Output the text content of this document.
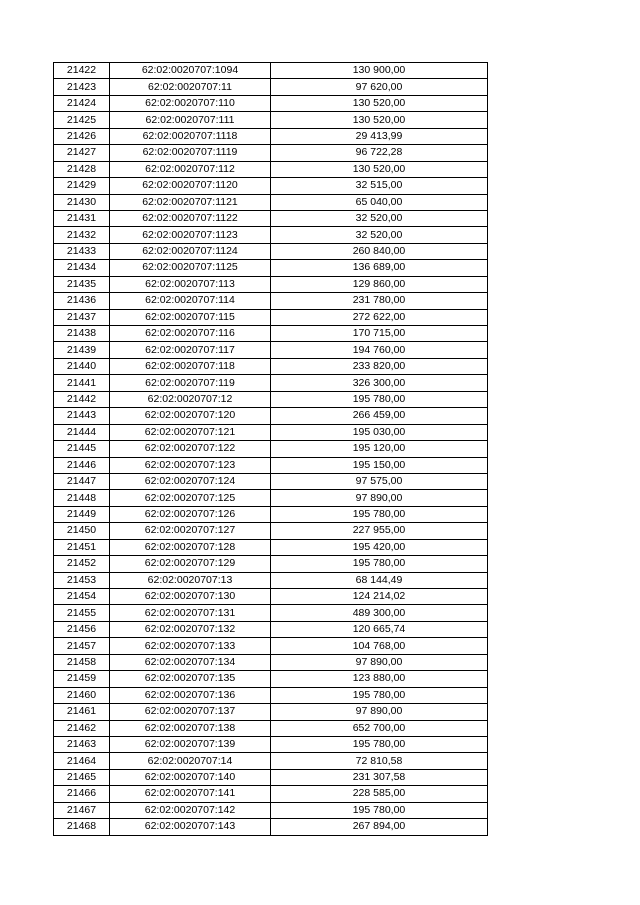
21422	62:02:0020707:1094	130 900,00
21423	62:02:0020707:11	97 620,00
21424	62:02:0020707:110	130 520,00
21425	62:02:0020707:111	130 520,00
21426	62:02:0020707:1118	29 413,99
21427	62:02:0020707:1119	96 722,28
21428	62:02:0020707:112	130 520,00
21429	62:02:0020707:1120	32 515,00
21430	62:02:0020707:1121	65 040,00
21431	62:02:0020707:1122	32 520,00
21432	62:02:0020707:1123	32 520,00
21433	62:02:0020707:1124	260 840,00
21434	62:02:0020707:1125	136 689,00
21435	62:02:0020707:113	129 860,00
21436	62:02:0020707:114	231 780,00
21437	62:02:0020707:115	272 622,00
21438	62:02:0020707:116	170 715,00
21439	62:02:0020707:117	194 760,00
21440	62:02:0020707:118	233 820,00
21441	62:02:0020707:119	326 300,00
21442	62:02:0020707:12	195 780,00
21443	62:02:0020707:120	266 459,00
21444	62:02:0020707:121	195 030,00
21445	62:02:0020707:122	195 120,00
21446	62:02:0020707:123	195 150,00
21447	62:02:0020707:124	97 575,00
21448	62:02:0020707:125	97 890,00
21449	62:02:0020707:126	195 780,00
21450	62:02:0020707:127	227 955,00
21451	62:02:0020707:128	195 420,00
21452	62:02:0020707:129	195 780,00
21453	62:02:0020707:13	68 144,49
21454	62:02:0020707:130	124 214,02
21455	62:02:0020707:131	489 300,00
21456	62:02:0020707:132	120 665,74
21457	62:02:0020707:133	104 768,00
21458	62:02:0020707:134	97 890,00
21459	62:02:0020707:135	123 880,00
21460	62:02:0020707:136	195 780,00
21461	62:02:0020707:137	97 890,00
21462	62:02:0020707:138	652 700,00
21463	62:02:0020707:139	195 780,00
21464	62:02:0020707:14	72 810,58
21465	62:02:0020707:140	231 307,58
21466	62:02:0020707:141	228 585,00
21467	62:02:0020707:142	195 780,00
21468	62:02:0020707:143	267 894,00
